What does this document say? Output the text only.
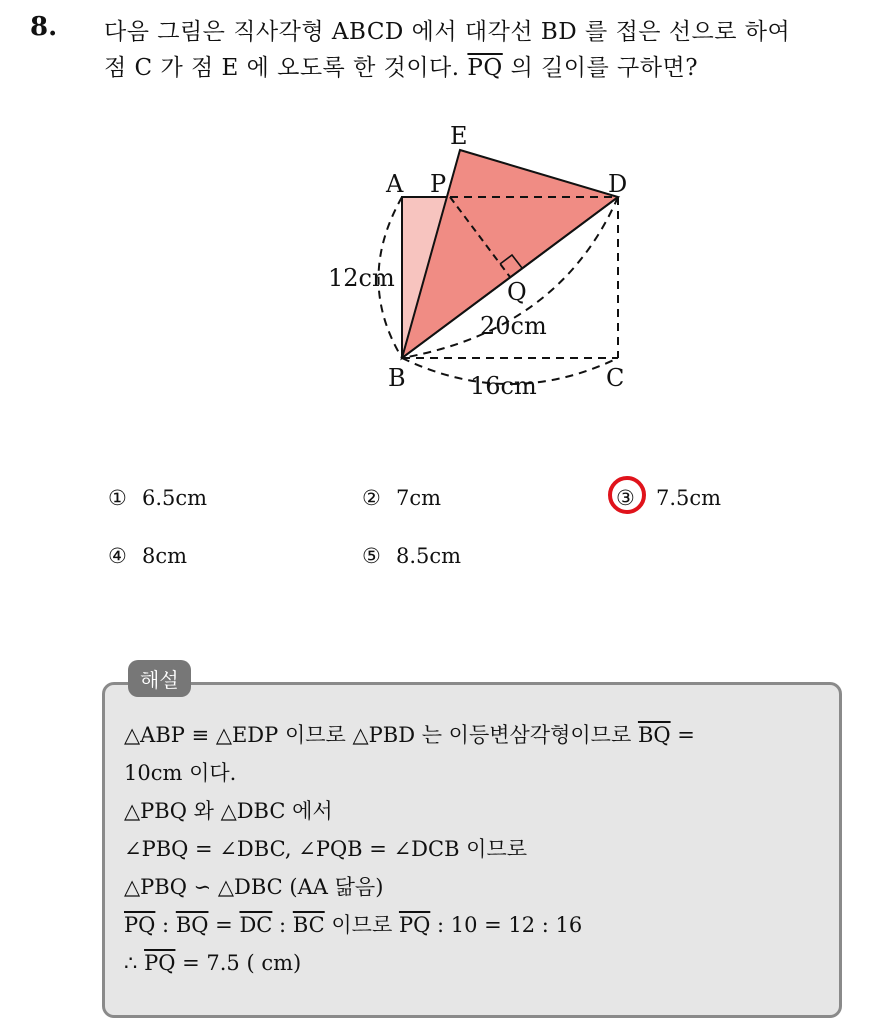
8. 다음 그림은 직사각형 ABCD 에서 대각선 BD 를 접은 선으로 하여
점 C 가 점 E 에 오도록 한 것이다. $\overline{PQ}$ 의 길이를 구하면?
E
A P	D
Q
B	C
12cm
20cm
16cm
① 6.5cm	② 7cm	③ 7.5cm
④ 8cm	⑤ 8.5cm
해설
△ABP ≡ △EDP 이므로 △PBD 는 이등변삼각형이므로 $\overline{BQ}$ =
10cm 이다.
△PBQ 와 △DBC 에서
∠PBQ = ∠DBC, ∠PQB = ∠DCB 이므로
△PBQ ∽ △DBC (AA 닮음)
$\overline{PQ}$ : $\overline{BQ} = \overline{DC}$ : $\overline{BC}$ 이므로 $\overline{PQ}$ : 10 = 12 : 16
∴ $\overline{PQ} = 7.5$ ( cm)
